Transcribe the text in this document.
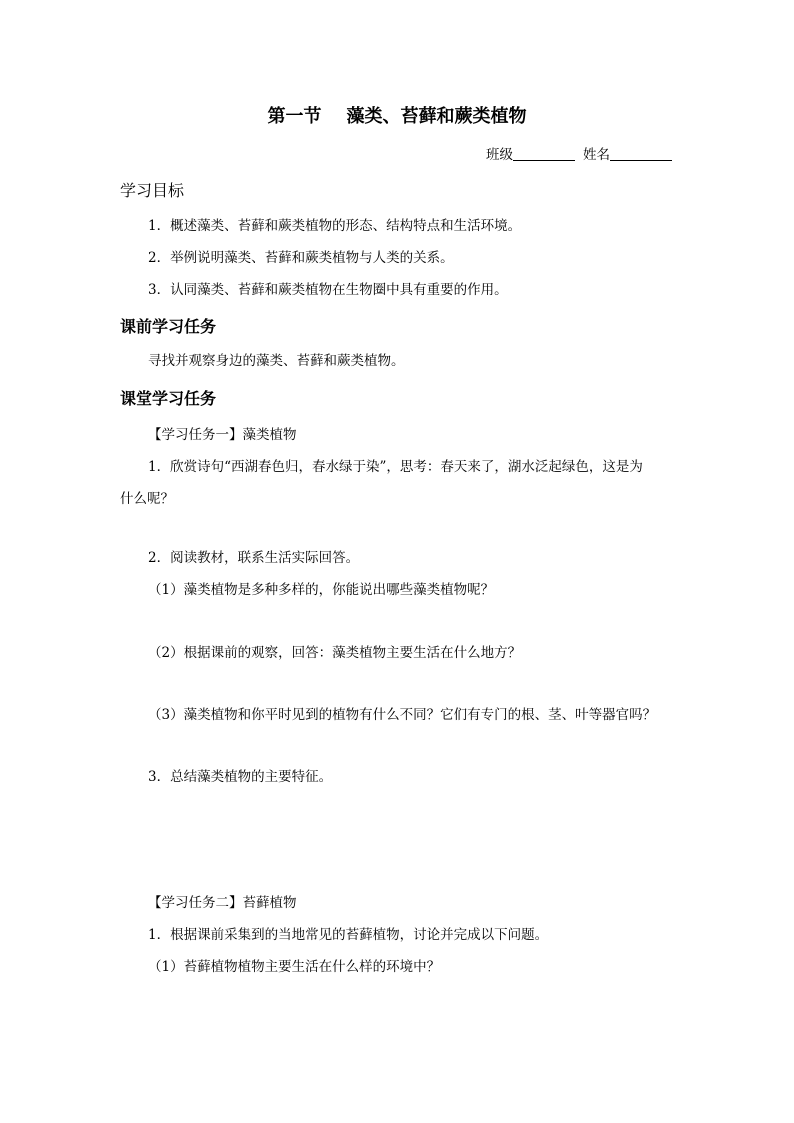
第一节    藻类、苔藓和蕨类植物
班级	姓名
学习目标
1．概述藻类、苔藓和蕨类植物的形态、结构特点和生活环境。
2．举例说明藻类、苔藓和蕨类植物与人类的关系。
3．认同藻类、苔藓和蕨类植物在生物圈中具有重要的作用。
课前学习任务
寻找并观察身边的藻类、苔藓和蕨类植物。
课堂学习任务
【学习任务一】藻类植物
1．欣赏诗句“西湖春色归，春水绿于染”，思考：春天来了，湖水泛起绿色，这是为
什么呢？
2．阅读教材，联系生活实际回答。
（1）藻类植物是多种多样的，你能说出哪些藻类植物呢？
（2）根据课前的观察，回答：藻类植物主要生活在什么地方？
（3）藻类植物和你平时见到的植物有什么不同？它们有专门的根、茎、叶等器官吗？
3．总结藻类植物的主要特征。
【学习任务二】苔藓植物
1．根据课前采集到的当地常见的苔藓植物，讨论并完成以下问题。
（1）苔藓植物植物主要生活在什么样的环境中？
